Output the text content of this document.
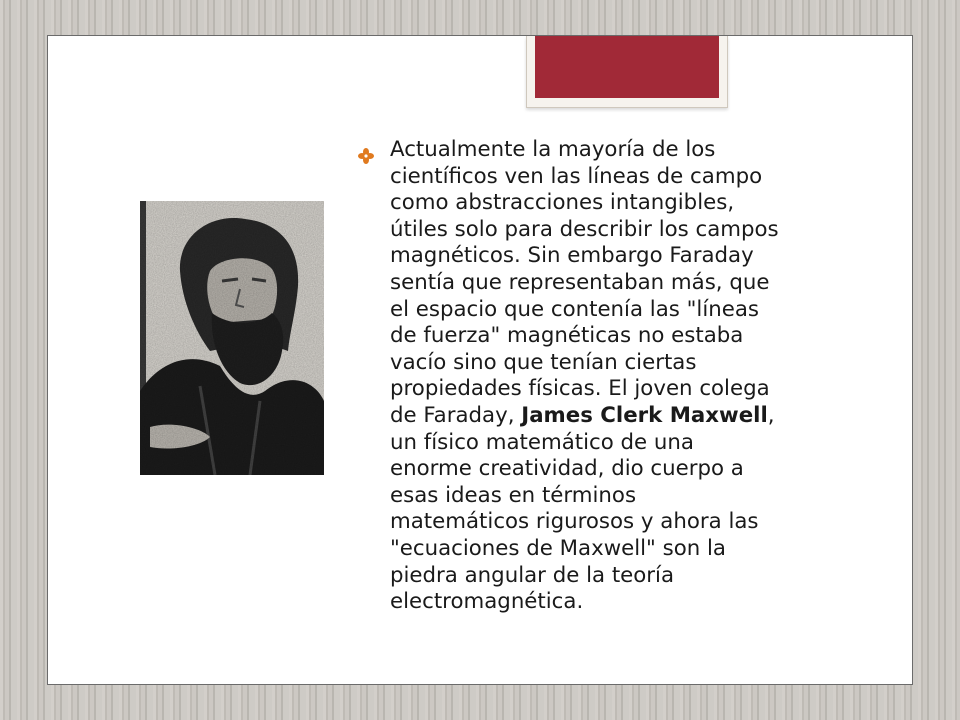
Actualmente la mayoría de los
científicos ven las líneas de campo
como abstracciones intangibles,
útiles solo para describir los campos
magnéticos. Sin embargo Faraday
sentía que representaban más, que
el espacio que contenía las "líneas
de fuerza" magnéticas no estaba
vacío sino que tenían ciertas
propiedades físicas. El joven colega
de Faraday, James Clerk Maxwell,
un físico matemático de una
enorme creatividad, dio cuerpo a
esas ideas en términos
matemáticos rigurosos y ahora las
"ecuaciones de Maxwell" son la
piedra angular de la teoría
electromagnética.
